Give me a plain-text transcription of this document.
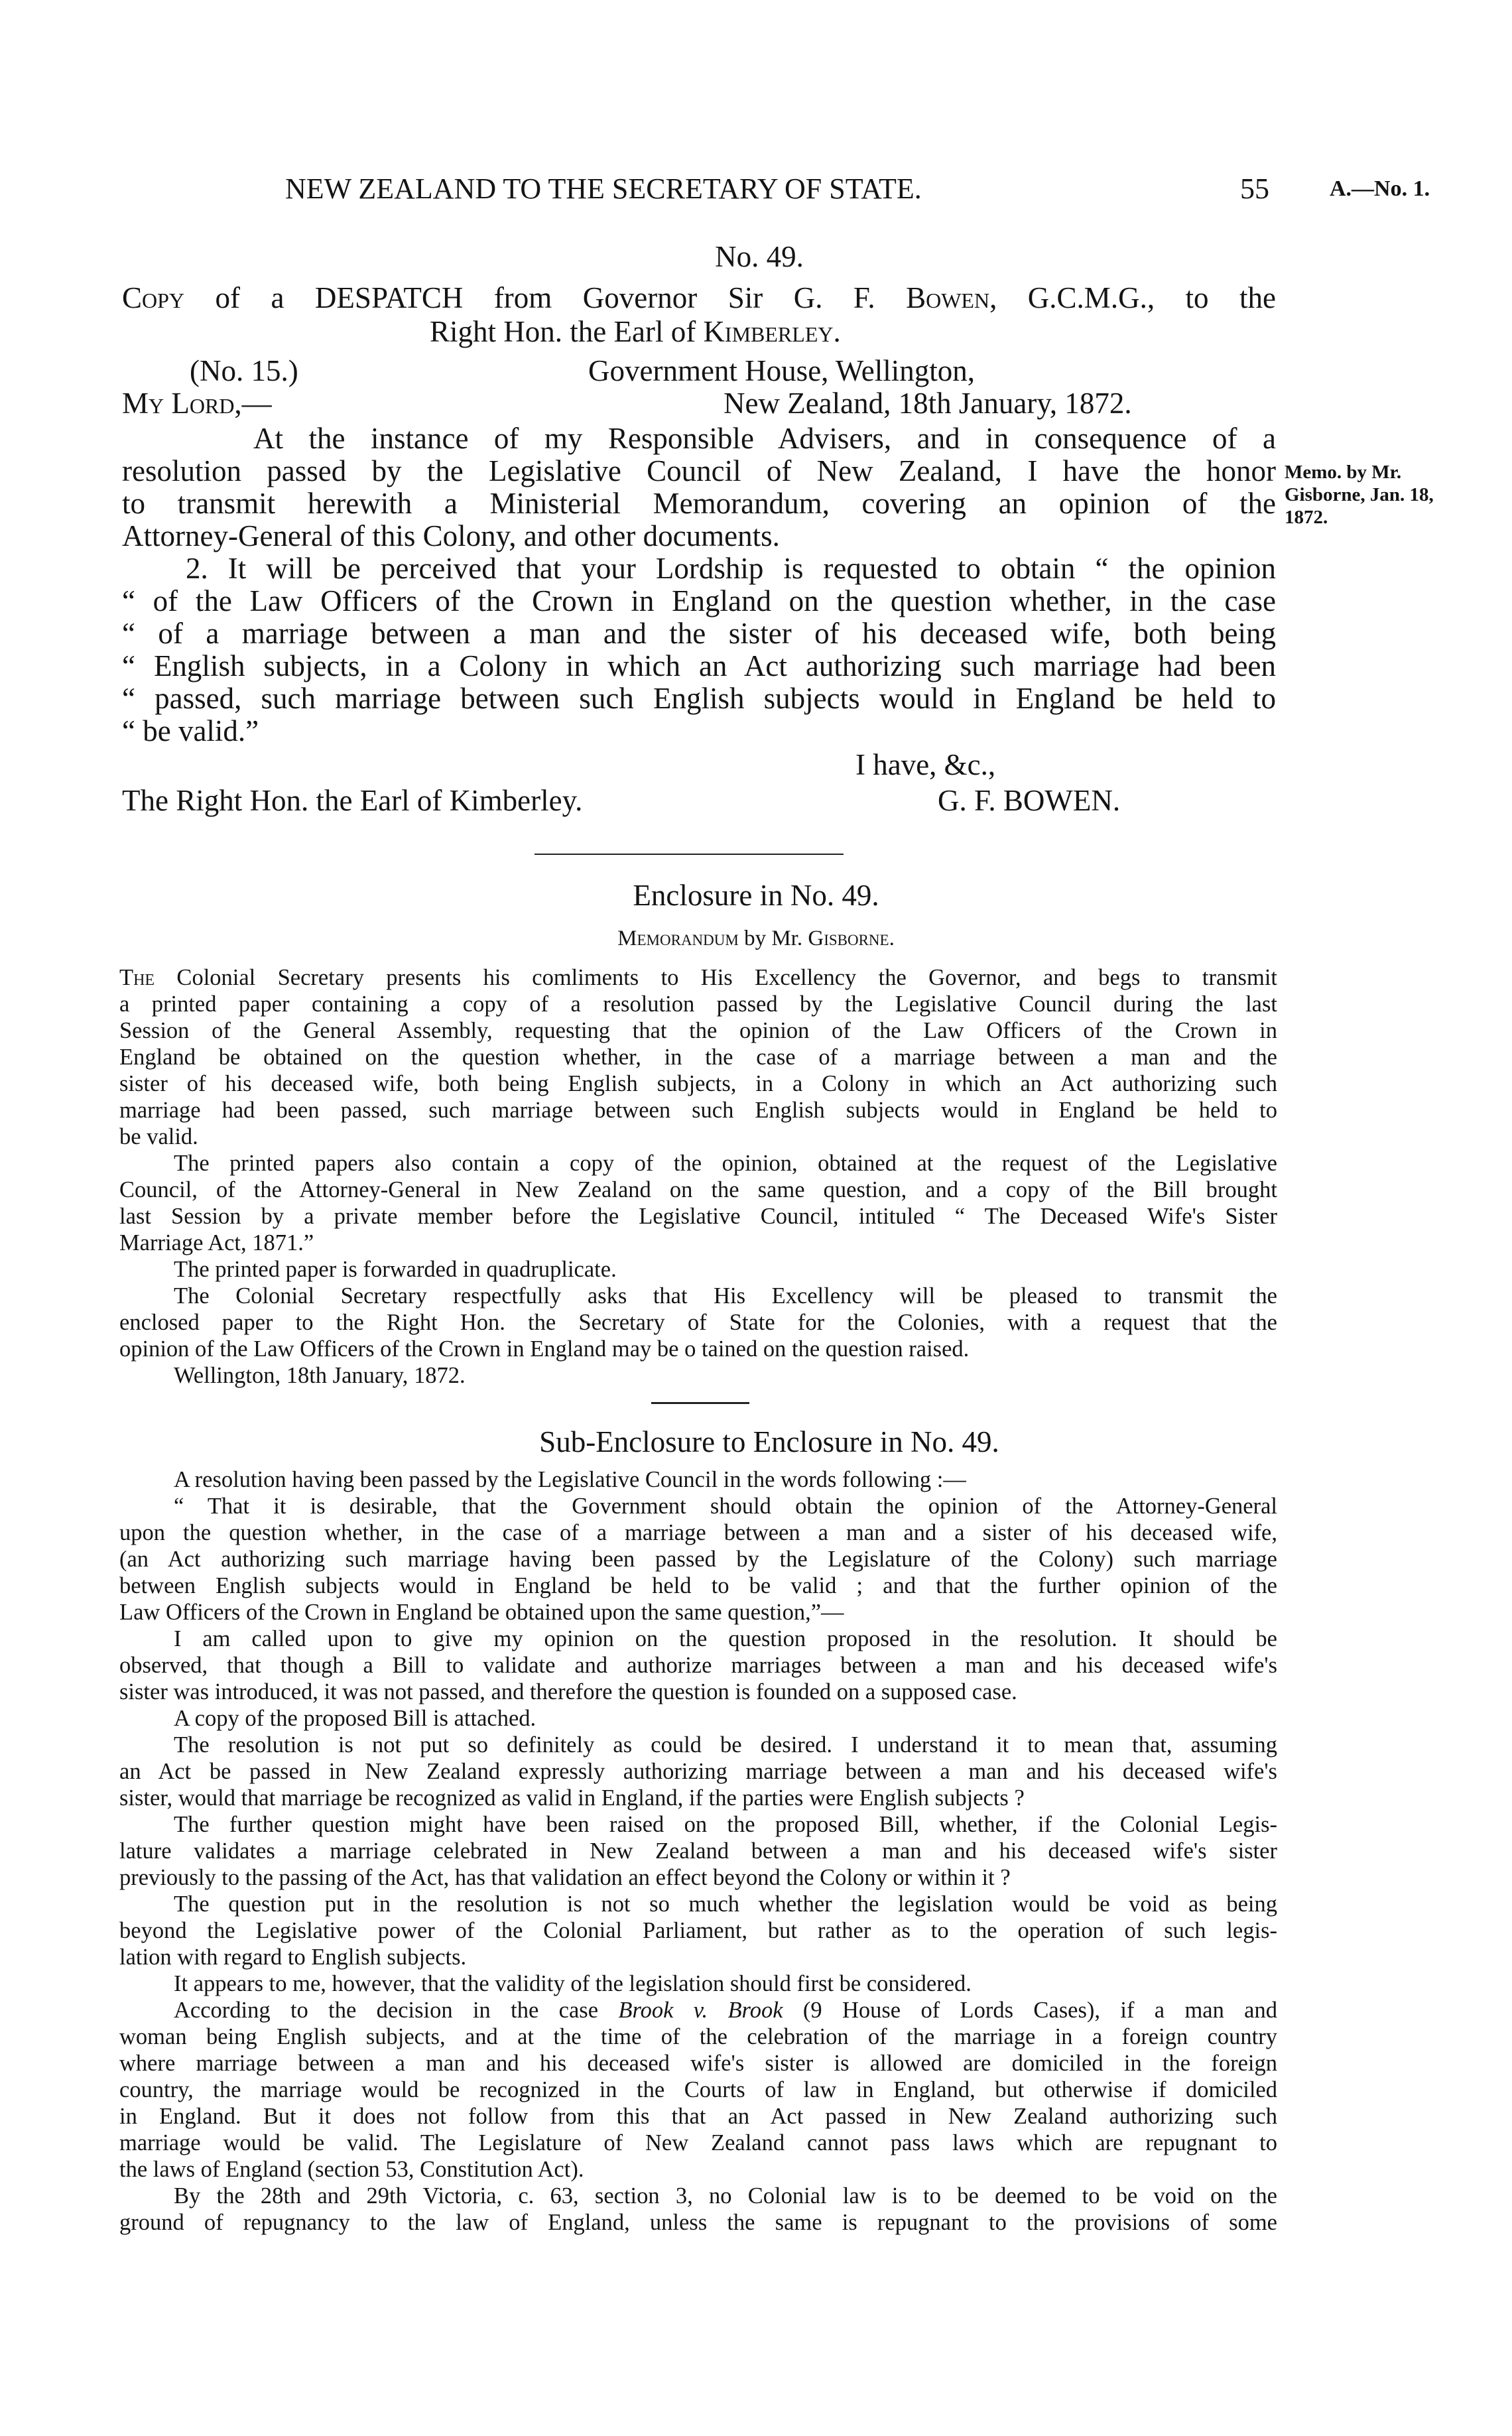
NEW ZEALAND TO THE SECRETARY OF STATE.	55	A.—No. 1.
No. 49.
Copy of a DESPATCH from Governor Sir G. F. Bowen, G.C.M.G., to the
Right Hon. the Earl of Kimberley.
(No. 15.)	Government House, Wellington,
My Lord,—	New Zealand, 18th January, 1872.
At the instance of my Responsible Advisers, and in consequence of a
resolution passed by the Legislative Council of New Zealand, I have the honor
to transmit herewith a Ministerial Memorandum, covering an opinion of the
Attorney-General of this Colony, and other documents.
2. It will be perceived that your Lordship is requested to obtain “ the opinion
“ of the Law Officers of the Crown in England on the question whether, in the case
“ of a marriage between a man and the sister of his deceased wife, both being
“ English subjects, in a Colony in which an Act authorizing such marriage had been
“ passed, such marriage between such English subjects would in England be held to
“ be valid.”
Memo. by Mr.
Gisborne, Jan. 18,
1872.
I have, &c.,
The Right Hon. the Earl of Kimberley.	G. F. BOWEN.
Enclosure in No. 49.
Memorandum by Mr. Gisborne.
The Colonial Secretary presents his comliments to His Excellency the Governor, and begs to transmit
a printed paper containing a copy of a resolution passed by the Legislative Council during the last
Session of the General Assembly, requesting that the opinion of the Law Officers of the Crown in
England be obtained on the question whether, in the case of a marriage between a man and the
sister of his deceased wife, both being English subjects, in a Colony in which an Act authorizing such
marriage had been passed, such marriage between such English subjects would in England be held to
be valid.
The printed papers also contain a copy of the opinion, obtained at the request of the Legislative
Council, of the Attorney-General in New Zealand on the same question, and a copy of the Bill brought
last Session by a private member before the Legislative Council, intituled “ The Deceased Wife's Sister
Marriage Act, 1871.”
The printed paper is forwarded in quadruplicate.
The Colonial Secretary respectfully asks that His Excellency will be pleased to transmit the
enclosed paper to the Right Hon. the Secretary of State for the Colonies, with a request that the
opinion of the Law Officers of the Crown in England may be o tained on the question raised.
Wellington, 18th January, 1872.
Sub-Enclosure to Enclosure in No. 49.
A resolution having been passed by the Legislative Council in the words following :—
“ That it is desirable, that the Government should obtain the opinion of the Attorney-General
upon the question whether, in the case of a marriage between a man and a sister of his deceased wife,
(an Act authorizing such marriage having been passed by the Legislature of the Colony) such marriage
between English subjects would in England be held to be valid ; and that the further opinion of the
Law Officers of the Crown in England be obtained upon the same question,”—
I am called upon to give my opinion on the question proposed in the resolution. It should be
observed, that though a Bill to validate and authorize marriages between a man and his deceased wife's
sister was introduced, it was not passed, and therefore the question is founded on a supposed case.
A copy of the proposed Bill is attached.
The resolution is not put so definitely as could be desired. I understand it to mean that, assuming
an Act be passed in New Zealand expressly authorizing marriage between a man and his deceased wife's
sister, would that marriage be recognized as valid in England, if the parties were English subjects ?
The further question might have been raised on the proposed Bill, whether, if the Colonial Legis-
lature validates a marriage celebrated in New Zealand between a man and his deceased wife's sister
previously to the passing of the Act, has that validation an effect beyond the Colony or within it ?
The question put in the resolution is not so much whether the legislation would be void as being
beyond the Legislative power of the Colonial Parliament, but rather as to the operation of such legis-
lation with regard to English subjects.
It appears to me, however, that the validity of the legislation should first be considered.
According to the decision in the case Brook v. Brook (9 House of Lords Cases), if a man and
woman being English subjects, and at the time of the celebration of the marriage in a foreign country
where marriage between a man and his deceased wife's sister is allowed are domiciled in the foreign
country, the marriage would be recognized in the Courts of law in England, but otherwise if domiciled
in England. But it does not follow from this that an Act passed in New Zealand authorizing such
marriage would be valid. The Legislature of New Zealand cannot pass laws which are repugnant to
the laws of England (section 53, Constitution Act).
By the 28th and 29th Victoria, c. 63, section 3, no Colonial law is to be deemed to be void on the
ground of repugnancy to the law of England, unless the same is repugnant to the provisions of some
